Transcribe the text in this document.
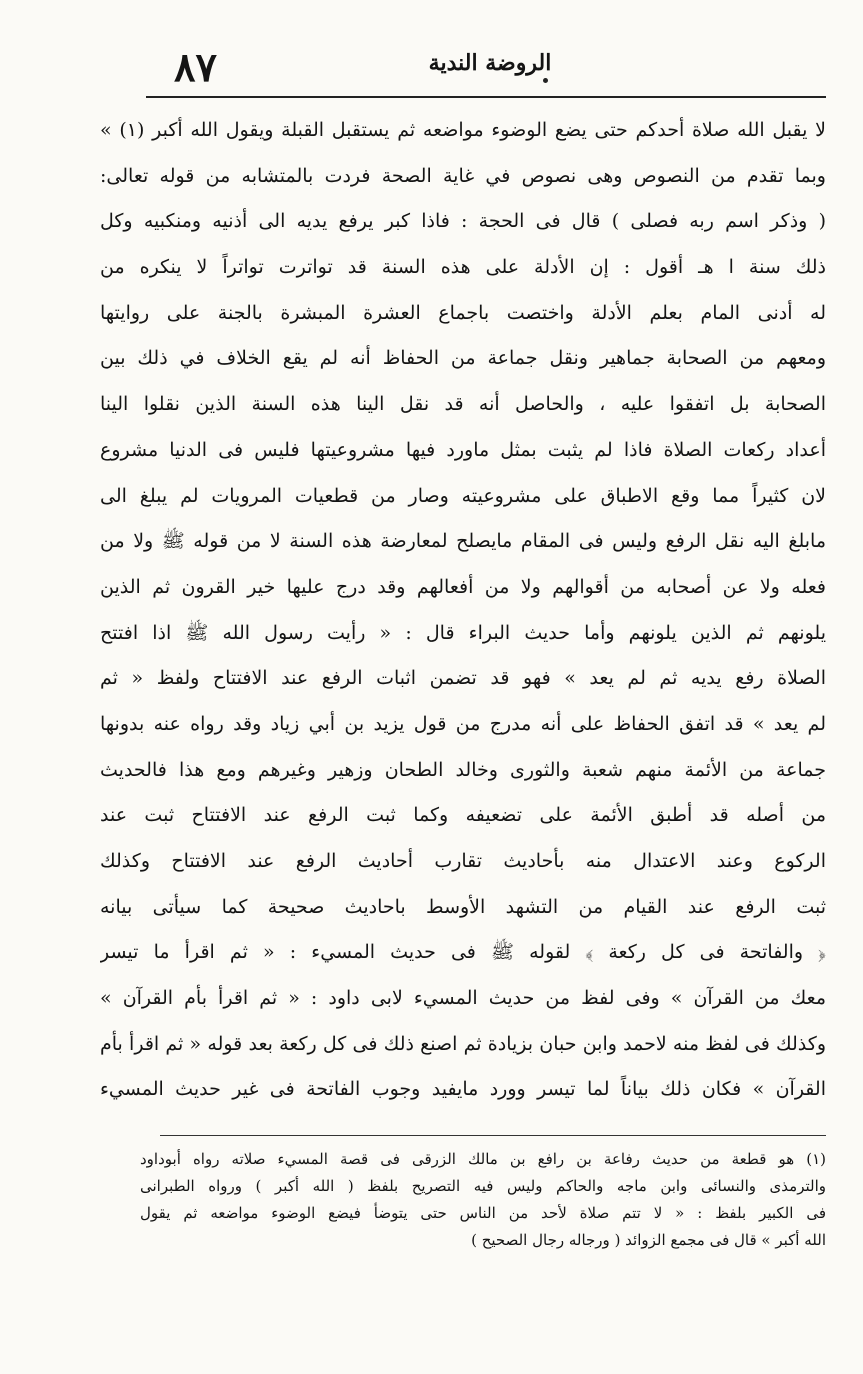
٨٧	الروضة الندية
لا يقبل الله صلاة أحدكم حتى يضع الوضوء مواضعه ثم يستقبل القبلة ويقول الله أكبر (١) »
وبما تقدم من النصوص وهى نصوص في غاية الصحة فردت بالمتشابه من قوله تعالى:
( وذكر اسم ربه فصلى ) قال فى الحجة : فاذا كبر يرفع يديه الى أذنيه ومنكبيه وكل
ذلك سنة ا هـ أقول : إن الأدلة على هذه السنة قد تواترت تواتراً لا ينكره من
له أدنى المام بعلم الأدلة واختصت باجماع العشرة المبشرة بالجنة على روايتها
ومعهم من الصحابة جماهير ونقل جماعة من الحفاظ أنه لم يقع الخلاف في ذلك بين
الصحابة بل اتفقوا عليه ، والحاصل أنه قد نقل الينا هذه السنة الذين نقلوا الينا
أعداد ركعات الصلاة فاذا لم يثبت بمثل ماورد فيها مشروعيتها فليس فى الدنيا مشروع
لان كثيراً مما وقع الاطباق على مشروعيته وصار من قطعيات المرويات لم يبلغ الى
مابلغ اليه نقل الرفع وليس فى المقام مايصلح لمعارضة هذه السنة لا من قوله ﷺ ولا من
فعله ولا عن أصحابه من أقوالهم ولا من أفعالهم وقد درج عليها خير القرون ثم الذين
يلونهم ثم الذين يلونهم وأما حديث البراء قال : « رأيت رسول الله ﷺ اذا افتتح
الصلاة رفع يديه ثم لم يعد » فهو قد تضمن اثبات الرفع عند الافتتاح ولفظ « ثم
لم يعد » قد اتفق الحفاظ على أنه مدرج من قول يزيد بن أبي زياد وقد رواه عنه بدونها
جماعة من الأئمة منهم شعبة والثورى وخالد الطحان وزهير وغيرهم ومع هذا فالحديث
من أصله قد أطبق الأئمة على تضعيفه وكما ثبت الرفع عند الافتتاح ثبت عند
الركوع وعند الاعتدال منه بأحاديث تقارب أحاديث الرفع عند الافتتاح وكذلك
ثبت الرفع عند القيام من التشهد الأوسط باحاديث صحيحة كما سيأتى بيانه
﴿ والفاتحة فى كل ركعة ﴾ لقوله ﷺ فى حديث المسيء : « ثم اقرأ ما تيسر
معك من القرآن » وفى لفظ من حديث المسيء لابى داود : « ثم اقرأ بأم القرآن »
وكذلك فى لفظ منه لاحمد وابن حبان بزيادة ثم اصنع ذلك فى كل ركعة بعد قوله « ثم اقرأ بأم
القرآن » فكان ذلك بياناً لما تيسر وورد مايفيد وجوب الفاتحة فى غير حديث المسيء
(١) هو قطعة من حديث رفاعة بن رافع بن مالك الزرقى فى قصة المسيء صلاته رواه أبوداود
والترمذى والنسائى وابن ماجه والحاكم وليس فيه التصريح بلفظ ( الله أكبر ) ورواه الطبرانى
فى الكبير بلفظ : « لا تتم صلاة لأحد من الناس حتى يتوضأ فيضع الوضوء مواضعه ثم يقول
الله أكبر » قال فى مجمع الزوائد ( ورجاله رجال الصحيح )
